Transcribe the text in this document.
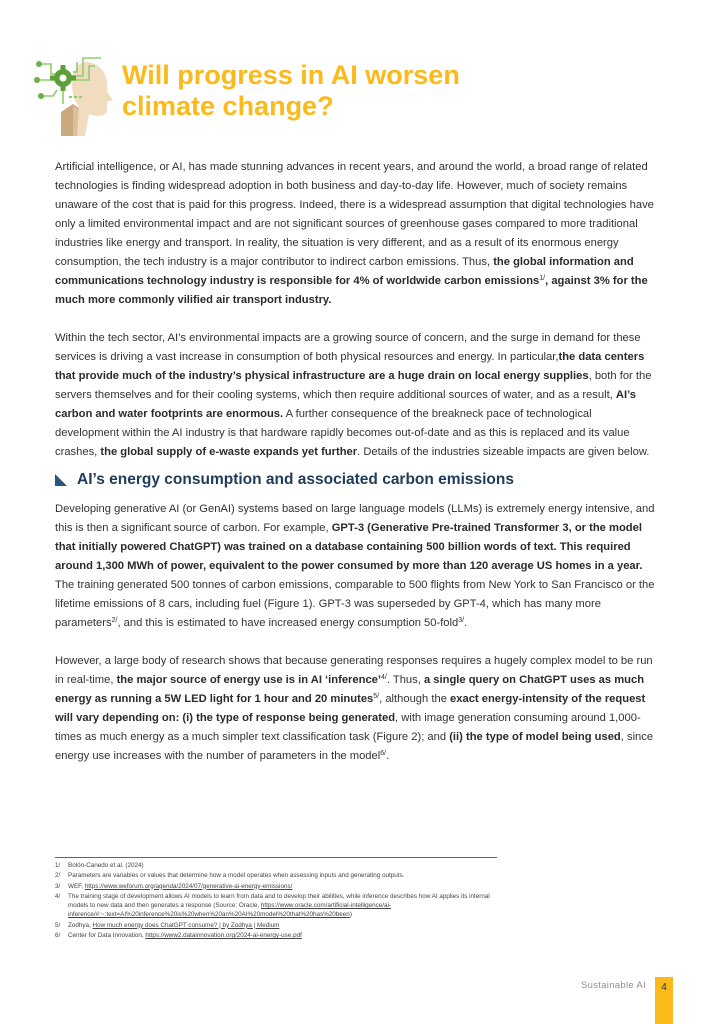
Will progress in AI worsen climate change?

Artificial intelligence, or AI, has made stunning advances in recent years, and around the world, a broad range of related technologies is finding widespread adoption in both business and day-to-day life. However, much of society remains unaware of the cost that is paid for this progress. Indeed, there is a widespread assumption that digital technologies have only a limited environmental impact and are not significant sources of greenhouse gases compared to more traditional industries like energy and transport. In reality, the situation is very different, and as a result of its enormous energy consumption, the tech industry is a major contributor to indirect carbon emissions. Thus, the global information and communications technology industry is responsible for 4% of worldwide carbon emissions$^{1/}$, against 3% for the much more commonly vilified air transport industry.

Within the tech sector, AI’s environmental impacts are a growing source of concern, and the surge in demand for these services is driving a vast increase in consumption of both physical resources and energy. In particular,the data centers that provide much of the industry’s physical infrastructure are a huge drain on local energy supplies, both for the servers themselves and for their cooling systems, which then require additional sources of water, and as a result, AI’s carbon and water footprints are enormous. A further consequence of the breakneck pace of technological development within the AI industry is that hardware rapidly becomes out-of-date and as this is replaced and its value crashes, the global supply of e-waste expands yet further. Details of the industries sizeable impacts are given below.

AI’s energy consumption and associated carbon emissions

Developing generative AI (or GenAI) systems based on large language models (LLMs) is extremely energy intensive, and this is then a significant source of carbon. For example, GPT-3 (Generative Pre-trained Transformer 3, or the model that initially powered ChatGPT) was trained on a database containing 500 billion words of text. This required around 1,300 MWh of power, equivalent to the power consumed by more than 120 average US homes in a year. The training generated 500 tonnes of carbon emissions, comparable to 500 flights from New York to San Francisco or the lifetime emissions of 8 cars, including fuel (Figure 1). GPT-3 was superseded by GPT-4, which has many more parameters$^{2/}$, and this is estimated to have increased energy consumption 50-fold$^{3/}$.

However, a large body of research shows that because generating responses requires a hugely complex model to be run in real-time, the major source of energy use is in AI ‘inference’$^{4/}$. Thus, a single query on ChatGPT uses as much energy as running a 5W LED light for 1 hour and 20 minutes$^{5/}$, although the exact energy-intensity of the request will vary depending on: (i) the type of response being generated, with image generation consuming around 1,000-times as much energy as a much simpler text classification task (Figure 2); and (ii) the type of model being used, since energy use increases with the number of parameters in the model$^{6/}$.

1/	Bolón-Canedo et al. (2024)
2/	Parameters are variables or values that determine how a model operates when assessing inputs and generating outputs.
3/	WEF, https://www.weforum.org/agenda/2024/07/generative-ai-energy-emissions/
4/	The training stage of development allows AI models to learn from data and to develop their abilities, while inference describes how AI applies its internal models to new data and then generates a response (Source: Oracle, https://www.oracle.com/artificial-intelligence/ai-inference/#:~:text=AI%20inference%20is%20when%20an%20AI%20model%20that%20has%20been)
5/	Zodhya, How much energy does ChatGPT consume? | by Zodhya | Medium
6/	Center for Data Innovation, https://www2.datainnovation.org/2024-ai-energy-use.pdf
Sustainable AI	4
